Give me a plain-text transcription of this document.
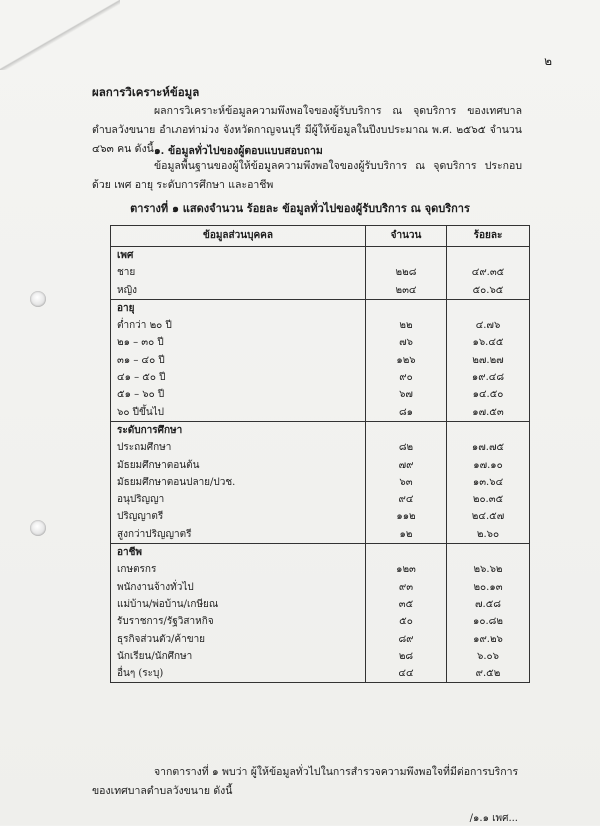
๒
ผลการวิเคราะห์ข้อมูล
ผลการวิเคราะห์ข้อมูลความพึงพอใจของผู้รับบริการ ณ จุดบริการ ของเทศบาลตำบลวังขนาย อำเภอท่าม่วง จังหวัดกาญจนบุรี มีผู้ให้ข้อมูลในปีงบประมาณ พ.ศ. ๒๕๖๕ จำนวน ๔๖๓ คน ดังนี้ ๑. ข้อมูลทั่วไปของผู้ตอบแบบสอบถาม
ข้อมูลพื้นฐานของผู้ให้ข้อมูลความพึงพอใจของผู้รับบริการ ณ จุดบริการ ประกอบด้วย เพศ อายุ ระดับการศึกษา และอาชีพ
ตารางที่ ๑ แสดงจำนวน ร้อยละ ข้อมูลทั่วไปของผู้รับบริการ ณ จุดบริการ
ข้อมูลส่วนบุคคล	จำนวน	ร้อยละ
เพศ		
ชาย	๒๒๘	๔๙.๓๕
หญิง	๒๓๔	๕๐.๖๕
อายุ		
ต่ำกว่า ๒๐ ปี	๒๒	๔.๗๖
๒๑ – ๓๐ ปี	๗๖	๑๖.๔๕
๓๑ – ๔๐ ปี	๑๒๖	๒๗.๒๗
๔๑ – ๕๐ ปี	๙๐	๑๙.๔๘
๕๑ – ๖๐ ปี	๖๗	๑๔.๕๐
๖๐ ปีขึ้นไป	๘๑	๑๗.๕๓
ระดับการศึกษา		
ประถมศึกษา	๘๒	๑๗.๗๕
มัธยมศึกษาตอนต้น	๗๙	๑๗.๑๐
มัธยมศึกษาตอนปลาย/ปวช.	๖๓	๑๓.๖๔
อนุปริญญา	๙๔	๒๐.๓๕
ปริญญาตรี	๑๑๒	๒๔.๕๗
สูงกว่าปริญญาตรี	๑๒	๒.๖๐
อาชีพ		
เกษตรกร	๑๒๓	๒๖.๖๒
พนักงานจ้างทั่วไป	๙๓	๒๐.๑๓
แม่บ้าน/พ่อบ้าน/เกษียณ	๓๕	๗.๕๘
รับราชการ/รัฐวิสาหกิจ	๕๐	๑๐.๘๒
ธุรกิจส่วนตัว/ค้าขาย	๘๙	๑๙.๒๖
นักเรียน/นักศึกษา	๒๘	๖.๐๖
อื่นๆ (ระบุ)	๔๔	๙.๕๒
จากตารางที่ ๑ พบว่า ผู้ให้ข้อมูลทั่วไปในการสำรวจความพึงพอใจที่มีต่อการบริการของเทศบาลตำบลวังขนาย ดังนี้
/๑.๑ เพศ...
